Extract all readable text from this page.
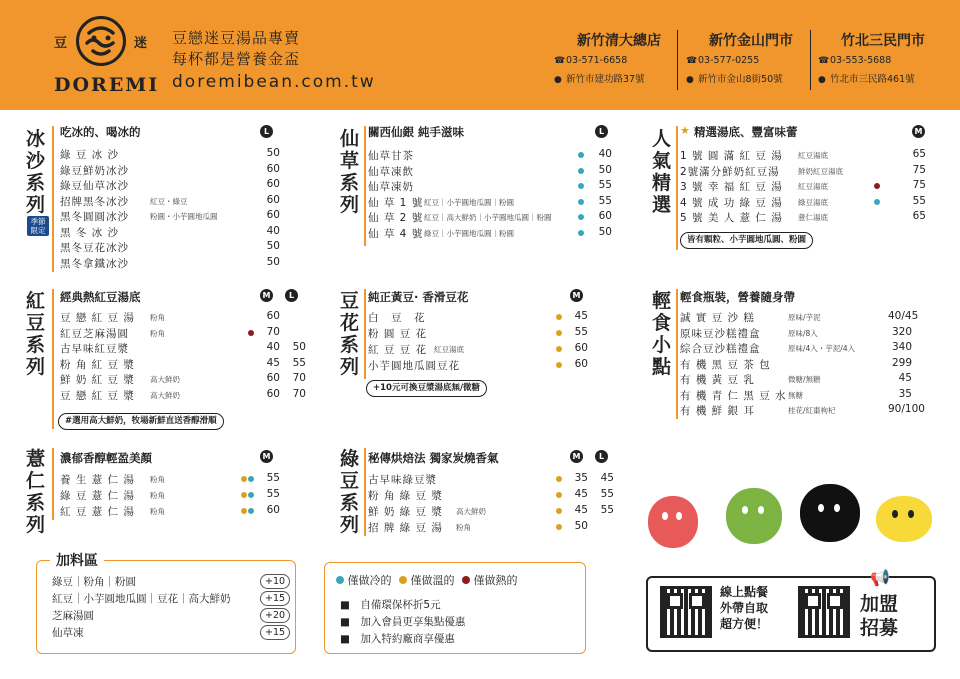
豆	迷
DOREMI
豆戀迷豆湯品專賣
每杯都是營養金盃
doremibean.com.tw
新竹清大總店
☎03-571-6658
● 新竹市建功路37號
新竹金山門市
☎03-577-0255
● 新竹市金山8街50號
竹北三民門市
☎03-553-5688
● 竹北市三民路461號
冰沙系列
季節限定
吃冰的、喝冰的	L
綠 豆 冰 沙	50
綠豆鮮奶冰沙	60
綠豆仙草冰沙	60
招牌黑冬冰沙	紅豆・綠豆	60
黑冬圓圓冰沙	粉圓・小芋圓地瓜圓	60
黑 冬 冰 沙	40
黑冬豆花冰沙	50
黑冬拿鐵冰沙	50
紅豆系列
經典熱紅豆湯底	M	L
豆 戀 紅 豆 湯 粉角	60
紅豆芝麻湯圓	粉角	70
古早味紅豆漿	40	50
粉 角 紅 豆 漿	45	55
鮮 奶 紅 豆 漿 高大鮮奶	60	70
豆 戀 紅 豆 漿 高大鮮奶	60	70
#選用高大鮮奶，牧場新鮮直送香醇滑順
薏仁系列
濃郁香醇輕盈美顏	M
養 生 薏 仁 湯 粉角	55
綠 豆 薏 仁 湯 粉角	55
紅 豆 薏 仁 湯 粉角	60
仙草系列
關西仙銀 純手滋味	L
仙草甘茶	40
仙草凍飲	50
仙草凍奶	55
仙 草 1 號 紅豆｜小芋圓地瓜圓｜粉圓	55
仙 草 2 號 紅豆｜高大鮮奶｜小芋圓地瓜圓｜粉圓	60
仙 草 4 號 綠豆｜小芋圓地瓜圓｜粉圓	50
豆花系列
純正黃豆· 香滑豆花	M
白　豆　花	45
粉 圓 豆 花	55
紅 豆 豆 花 紅豆湯底	60
小芋圓地瓜圓豆花	60
+10元可換豆漿湯底無/微糖
綠豆系列
秘傳烘焙法 獨家炭燒香氣	M	L
古早味綠豆漿	35	45
粉 角 綠 豆 漿	45	55
鮮 奶 綠 豆 漿 高大鮮奶	45	55
招 牌 綠 豆 湯 粉角	50
人氣精選
★ 精選湯底、豐富味蕾	M
1 號 圓 滿 紅 豆 湯 紅豆湯底	65
2號滿分鮮奶紅豆湯 鮮奶紅豆湯底	75
3 號 幸 福 紅 豆 湯 紅豆湯底	75
4 號 成 功 綠 豆 湯 綠豆湯底	55
5 號 美 人 薏 仁 湯 薏仁湯底	65
皆有顆粒、小芋圓地瓜圓、粉圓
輕食小點
輕食瓶裝，營養隨身帶
誠 實 豆 沙 糕	原味/芋泥	40/45
原味豆沙糕禮盒	原味/8入	320
綜合豆沙糕禮盒	原味/4入・芋泥/4入	340
有 機 黑 豆 茶 包	299
有 機 黃 豆 乳	微糖/無糖	45
有 機 青 仁 黑 豆 水 無糖	35
有 機 鮮 銀 耳	桂花/紅棗枸杞	90/100
加料區
綠豆｜粉角｜粉圓	+10
紅豆｜小芋圓地瓜圓｜豆花｜高大鮮奶	+15
芝麻湯圓	+20
仙草凍	+15
僅做冷的 僅做溫的 僅做熱的
■　自備環保杯折5元
■　加入會員更享集點優惠
■　加入特約廠商享優惠
線上點餐
外帶自取
超方便！
📢
加盟
招募
